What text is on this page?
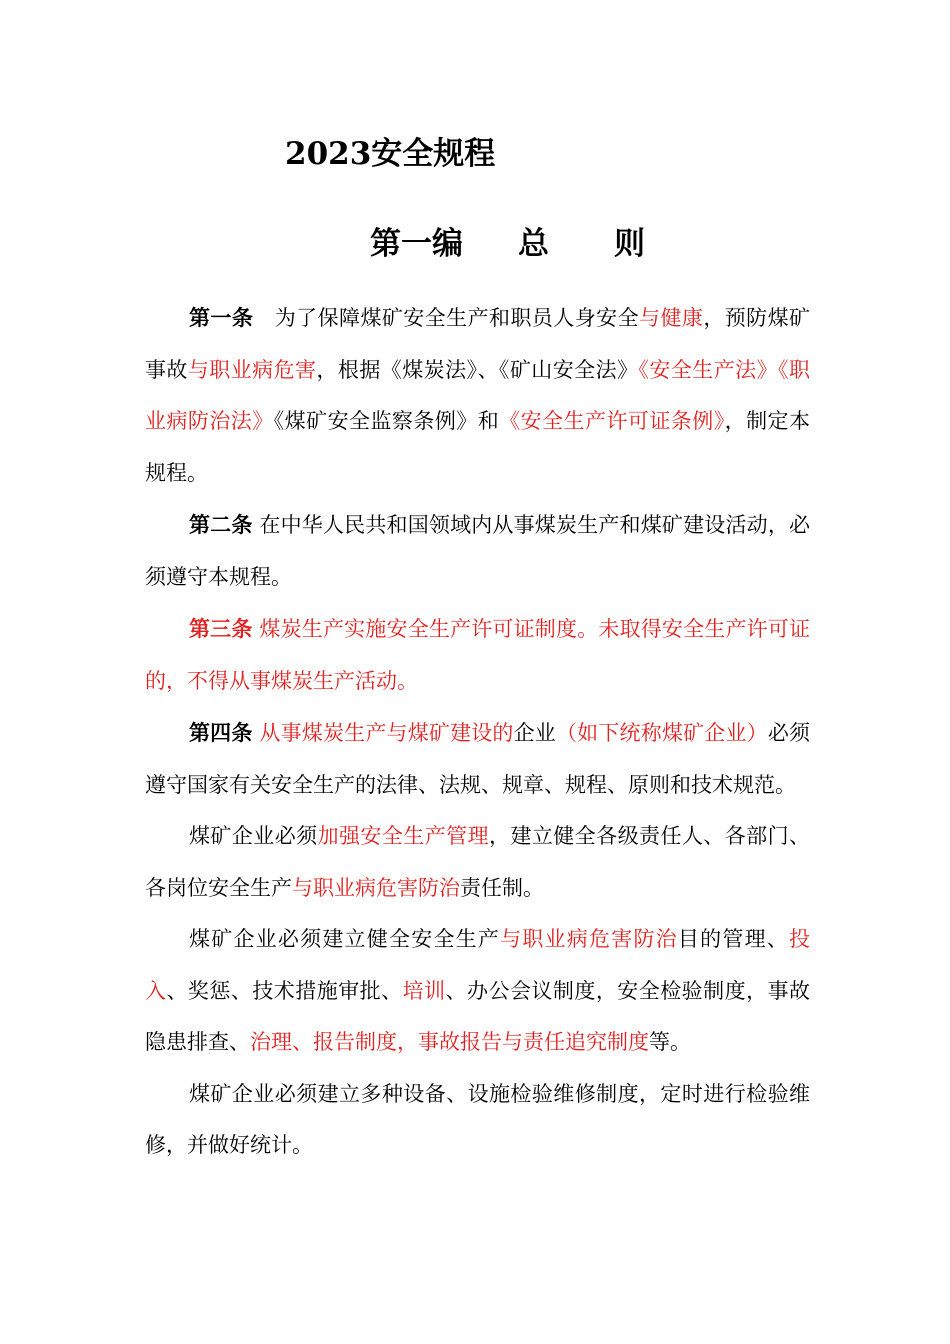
2023安全规程
第一编 总 则

第一条　 为了保障煤矿安全生产和职员人身安全与健康，预防煤矿事故与职业病危害，根据《煤炭法》、《矿山安全法》《安全生产法》《职业病防治法》《煤矿安全监察条例》和《安全生产许可证条例》，制定本规程。

第二条 在中华人民共和国领域内从事煤炭生产和煤矿建设活动，必须遵守本规程。

第三条 煤炭生产实施安全生产许可证制度。未取得安全生产许可证的，不得从事煤炭生产活动。

第四条 从事煤炭生产与煤矿建设的企业（如下统称煤矿企业）必须遵守国家有关安全生产的法律、法规、规章、规程、原则和技术规范。

煤矿企业必须加强安全生产管理，建立健全各级责任人、各部门、各岗位安全生产与职业病危害防治责任制。

煤矿企业必须建立健全安全生产与职业病危害防治目的管理、投入、奖惩、技术措施审批、培训、办公会议制度，安全检验制度，事故隐患排查、治理、报告制度，事故报告与责任追究制度等。

煤矿企业必须建立多种设备、设施检验维修制度，定时进行检验维修，并做好统计。
